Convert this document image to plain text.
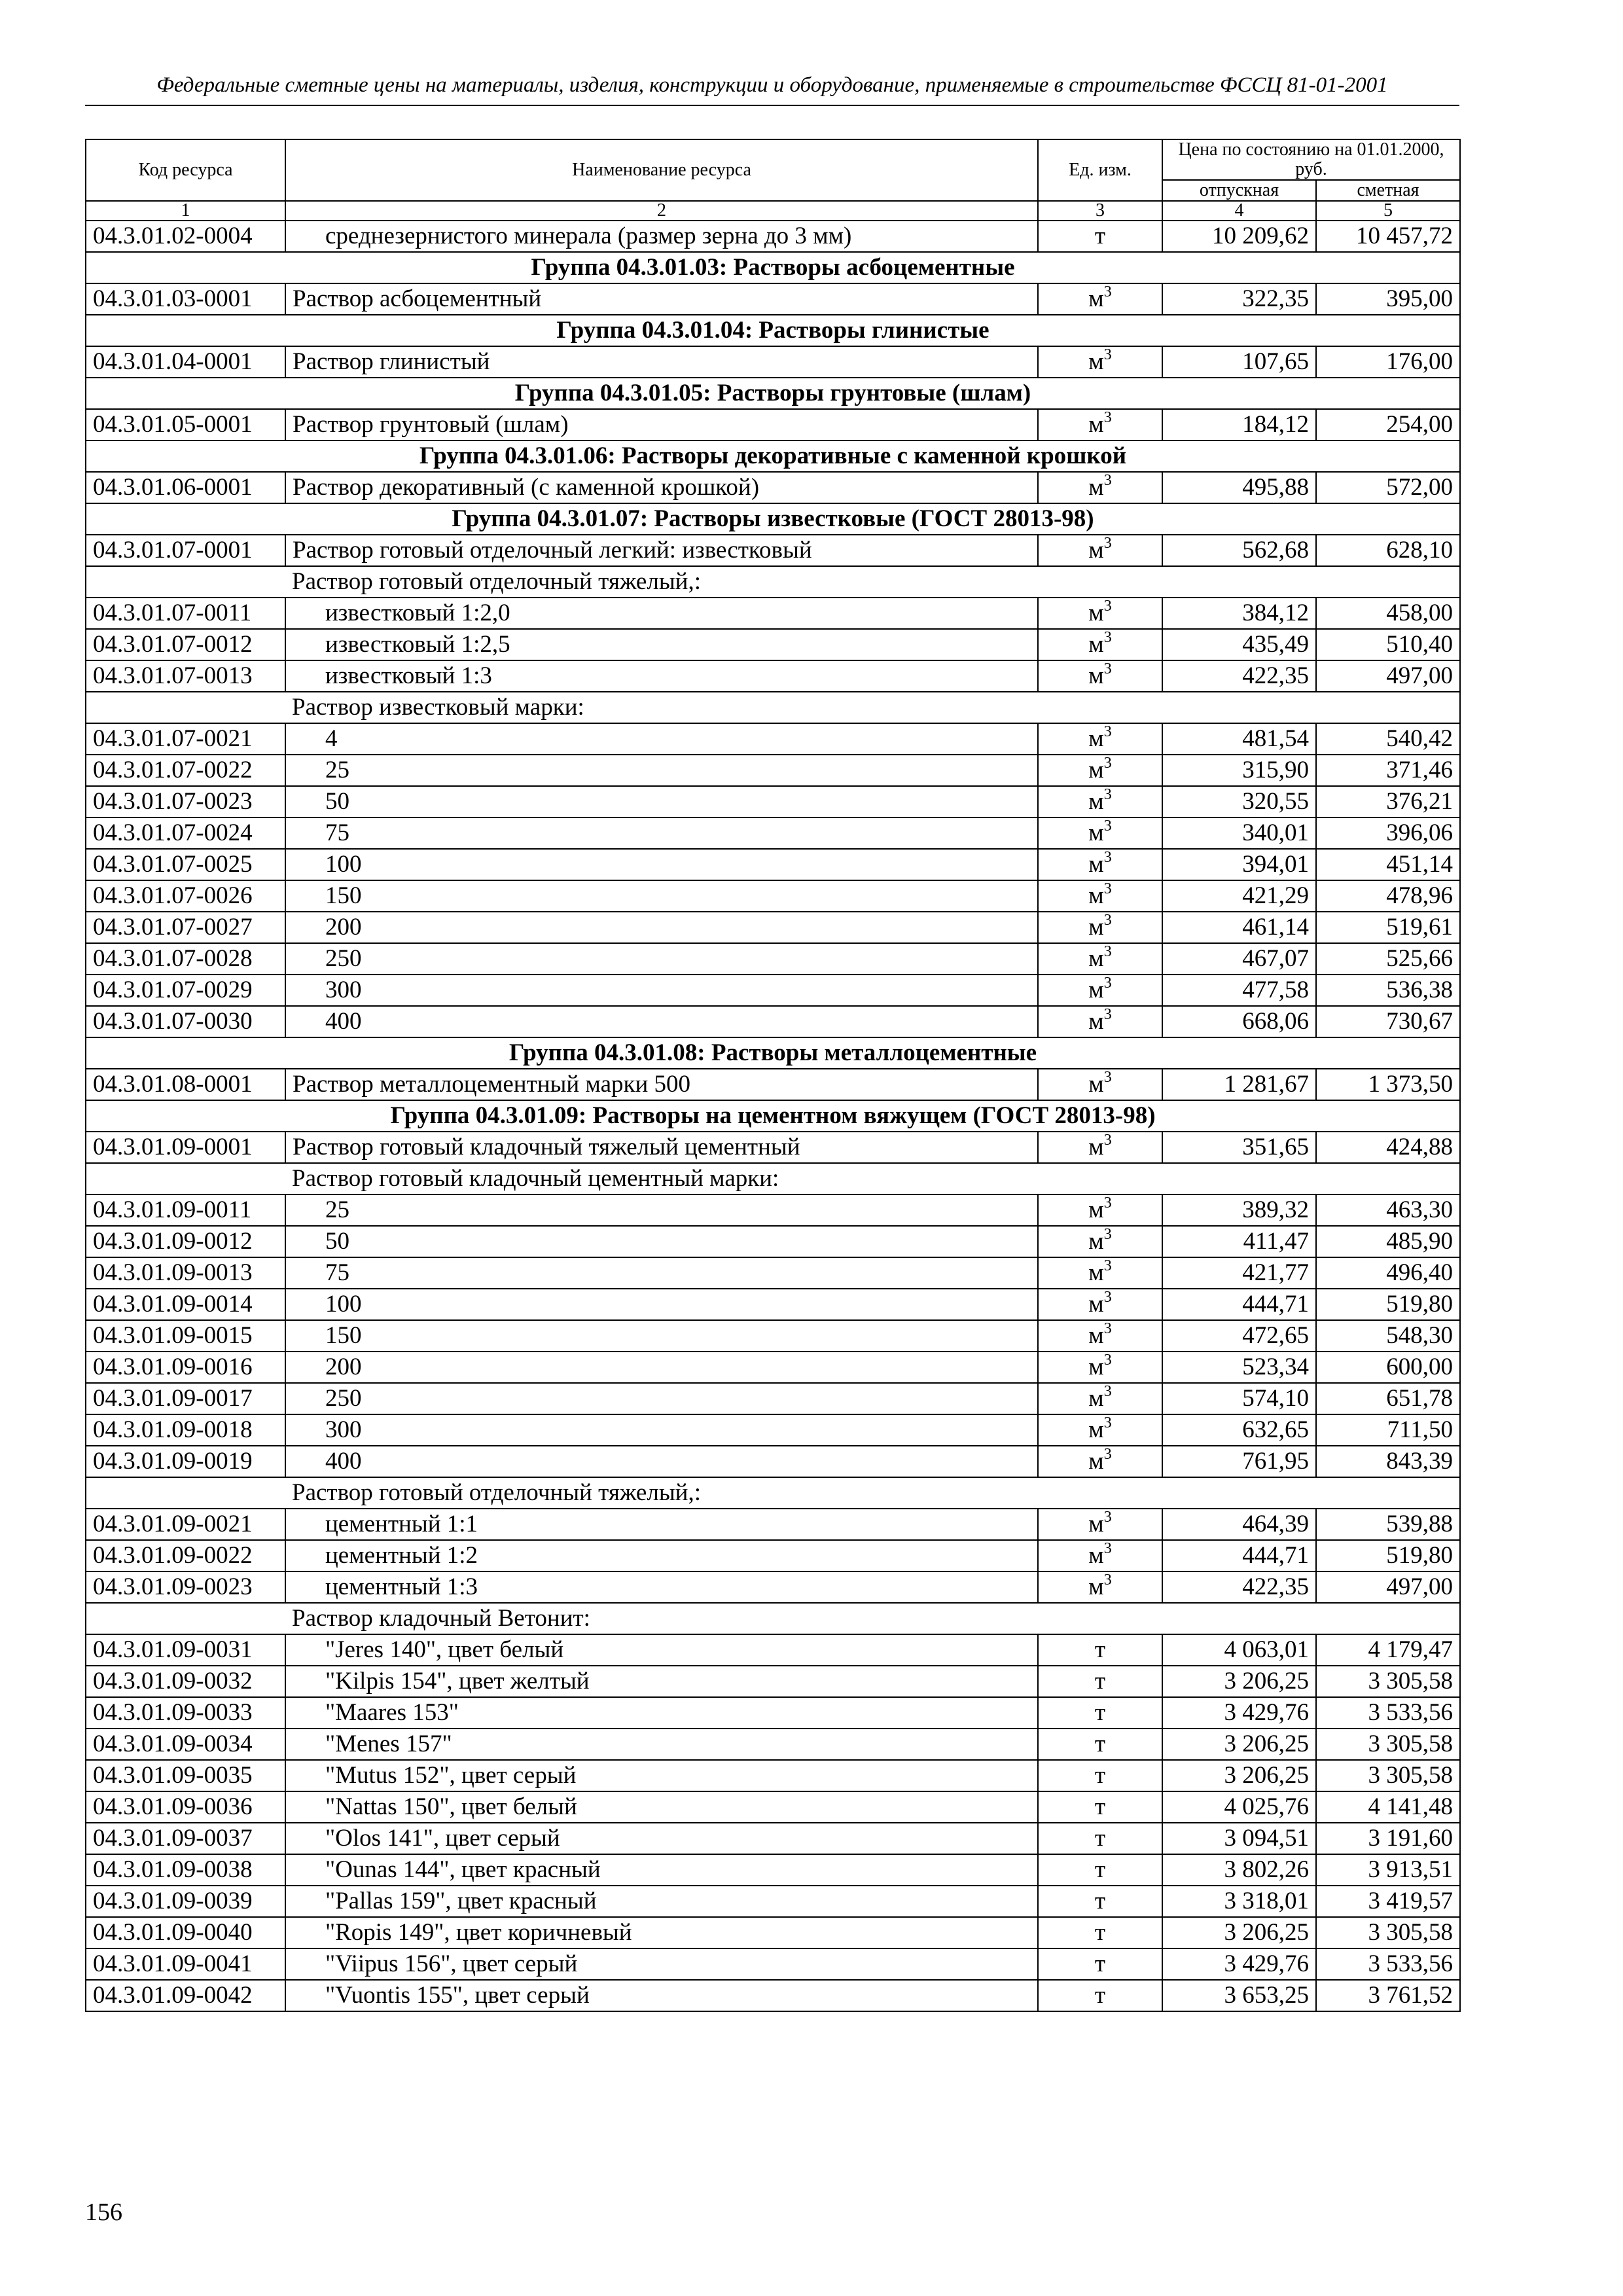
Федеральные сметные цены на материалы, изделия, конструкции и оборудование, применяемые в строительстве ФССЦ 81-01-2001
Код ресурса	Наименование ресурса	Ед. изм.	Цена по состоянию на 01.01.2000, руб.	
			отпускная	сметная
1	2	3	4	5
04.3.01.02-0004	среднезернистого минерала (размер зерна до 3 мм)	т	10 209,62	10 457,72
Группа 04.3.01.03: Растворы асбоцементные				
04.3.01.03-0001	Раствор асбоцементный	$м^3$	322,35	395,00
Группа 04.3.01.04: Растворы глинистые				
04.3.01.04-0001	Раствор глинистый	$м^3$	107,65	176,00
Группа 04.3.01.05: Растворы грунтовые (шлам)				
04.3.01.05-0001	Раствор грунтовый (шлам)	$м^3$	184,12	254,00
Группа 04.3.01.06: Растворы декоративные с каменной крошкой				
04.3.01.06-0001	Раствор декоративный (с каменной крошкой)	$м^3$	495,88	572,00
Группа 04.3.01.07: Растворы известковые (ГОСТ 28013-98)				
04.3.01.07-0001	Раствор готовый отделочный легкий: известковый	$м^3$	562,68	628,10
	Раствор готовый отделочный тяжелый,:			
04.3.01.07-0011	известковый 1:2,0	$м^3$	384,12	458,00
04.3.01.07-0012	известковый 1:2,5	$м^3$	435,49	510,40
04.3.01.07-0013	известковый 1:3	$м^3$	422,35	497,00
	Раствор известковый марки:			
04.3.01.07-0021	4	$м^3$	481,54	540,42
04.3.01.07-0022	25	$м^3$	315,90	371,46
04.3.01.07-0023	50	$м^3$	320,55	376,21
04.3.01.07-0024	75	$м^3$	340,01	396,06
04.3.01.07-0025	100	$м^3$	394,01	451,14
04.3.01.07-0026	150	$м^3$	421,29	478,96
04.3.01.07-0027	200	$м^3$	461,14	519,61
04.3.01.07-0028	250	$м^3$	467,07	525,66
04.3.01.07-0029	300	$м^3$	477,58	536,38
04.3.01.07-0030	400	$м^3$	668,06	730,67
Группа 04.3.01.08: Растворы металлоцементные				
04.3.01.08-0001	Раствор металлоцементный марки 500	$м^3$	1 281,67	1 373,50
Группа 04.3.01.09: Растворы на цементном вяжущем (ГОСТ 28013-98)				
04.3.01.09-0001	Раствор готовый кладочный тяжелый цементный	$м^3$	351,65	424,88
	Раствор готовый кладочный цементный марки:			
04.3.01.09-0011	25	$м^3$	389,32	463,30
04.3.01.09-0012	50	$м^3$	411,47	485,90
04.3.01.09-0013	75	$м^3$	421,77	496,40
04.3.01.09-0014	100	$м^3$	444,71	519,80
04.3.01.09-0015	150	$м^3$	472,65	548,30
04.3.01.09-0016	200	$м^3$	523,34	600,00
04.3.01.09-0017	250	$м^3$	574,10	651,78
04.3.01.09-0018	300	$м^3$	632,65	711,50
04.3.01.09-0019	400	$м^3$	761,95	843,39
	Раствор готовый отделочный тяжелый,:			
04.3.01.09-0021	цементный 1:1	$м^3$	464,39	539,88
04.3.01.09-0022	цементный 1:2	$м^3$	444,71	519,80
04.3.01.09-0023	цементный 1:3	$м^3$	422,35	497,00
	Раствор кладочный Ветонит:			
04.3.01.09-0031	"Jeres 140", цвет белый	т	4 063,01	4 179,47
04.3.01.09-0032	"Kilpis 154", цвет желтый	т	3 206,25	3 305,58
04.3.01.09-0033	"Maares 153"	т	3 429,76	3 533,56
04.3.01.09-0034	"Menes 157"	т	3 206,25	3 305,58
04.3.01.09-0035	"Mutus 152", цвет серый	т	3 206,25	3 305,58
04.3.01.09-0036	"Nattas 150", цвет белый	т	4 025,76	4 141,48
04.3.01.09-0037	"Olos 141", цвет серый	т	3 094,51	3 191,60
04.3.01.09-0038	"Ounas 144", цвет красный	т	3 802,26	3 913,51
04.3.01.09-0039	"Pallas 159", цвет красный	т	3 318,01	3 419,57
04.3.01.09-0040	"Ropis 149", цвет коричневый	т	3 206,25	3 305,58
04.3.01.09-0041	"Viipus 156", цвет серый	т	3 429,76	3 533,56
04.3.01.09-0042	"Vuontis 155", цвет серый	т	3 653,25	3 761,52
156
